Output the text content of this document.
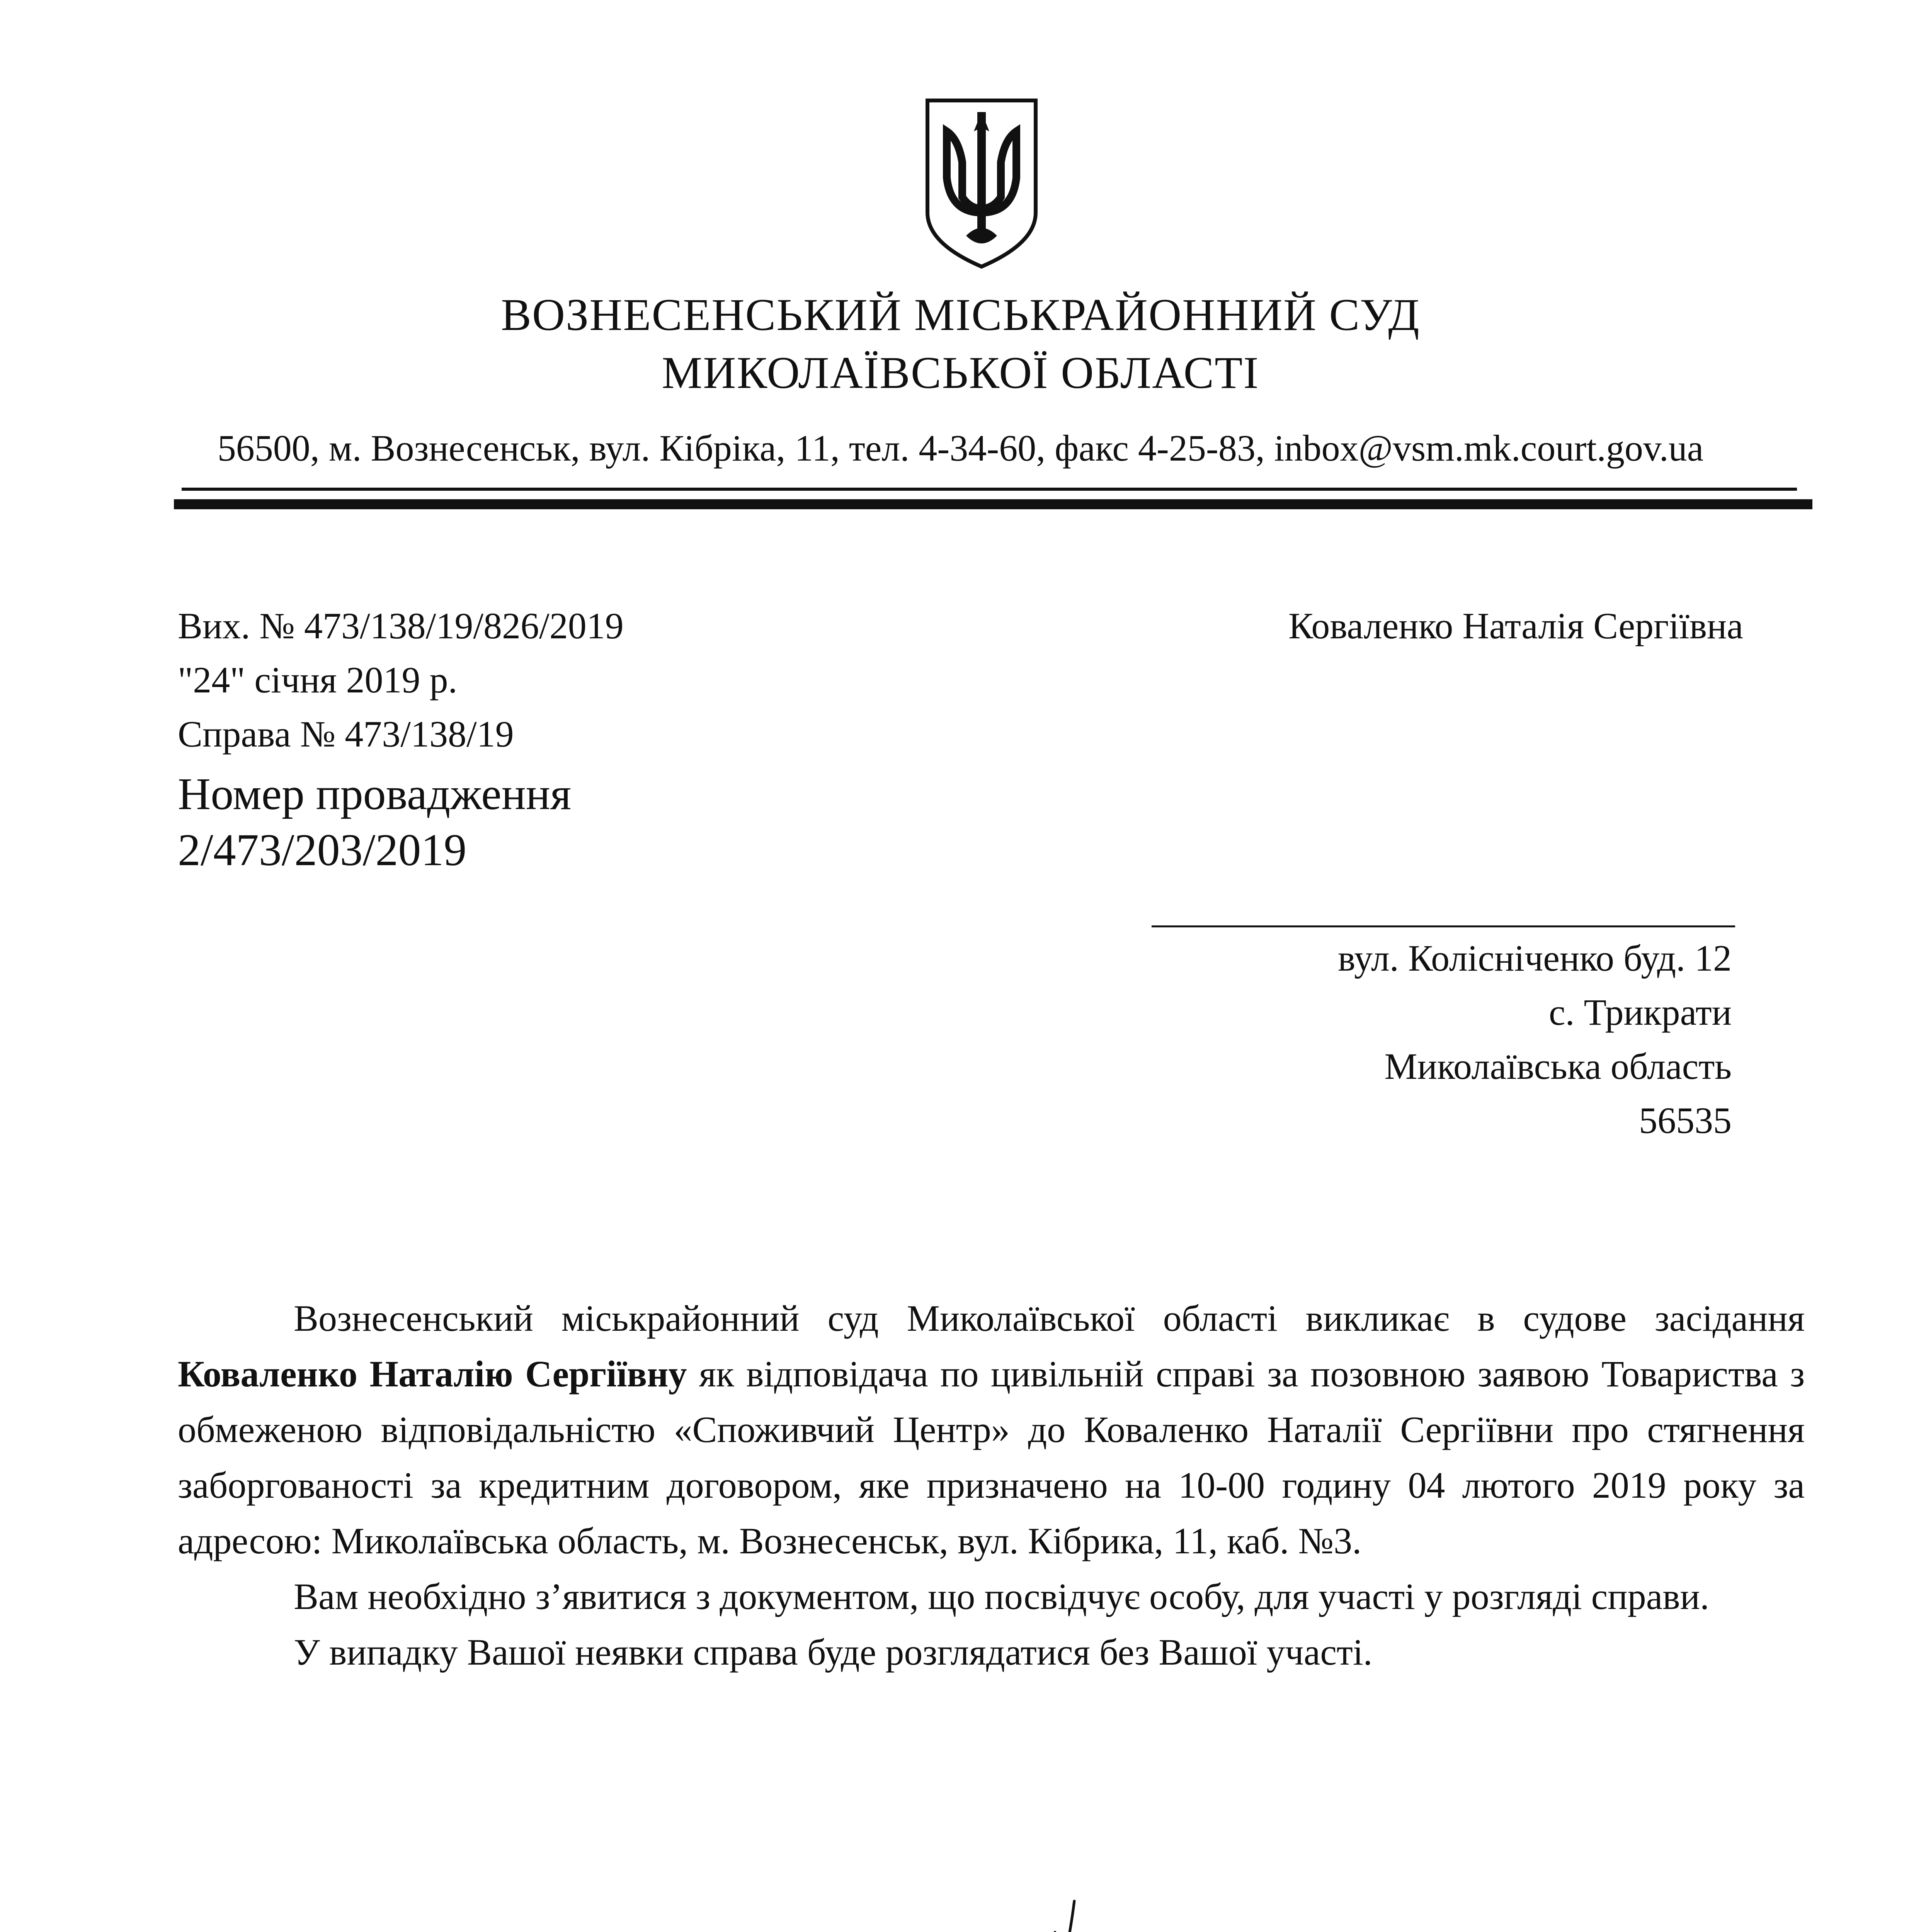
ВОЗНЕСЕНСЬКИЙ МІСЬКРАЙОННИЙ СУД
МИКОЛАЇВСЬКОЇ ОБЛАСТІ
56500, м. Вознесенськ, вул. Кібріка, 11, тел. 4-34-60, факс 4-25-83, inbox@vsm.mk.court.gov.ua
Вих. № 473/138/19/826/2019
"24" січня 2019 р.
Справа № 473/138/19
Номер провадження
2/473/203/2019
Коваленко Наталія Сергіївна
вул. Колісніченко буд. 12
с. Трикрати
Миколаївська область
56535

Вознесенський міськрайонний суд Миколаївської області викликає в судове засідання Коваленко Наталію Сергіївну як відповідача по цивільній справі за позовною заявою Товариства з обмеженою відповідальністю «Споживчий Центр» до Коваленко Наталії Сергіївни про стягнення заборгованості за кредитним договором, яке призначено на 10-00 годину 04 лютого 2019 року за адресою: Миколаївська область, м. Вознесенськ, вул. Кібрика, 11, каб. №3.

Вам необхідно з’явитися з документом, що посвідчує особу, для участі у розгляді справи.

У випадку Вашої неявки справа буде розглядатися без Вашої участі.
